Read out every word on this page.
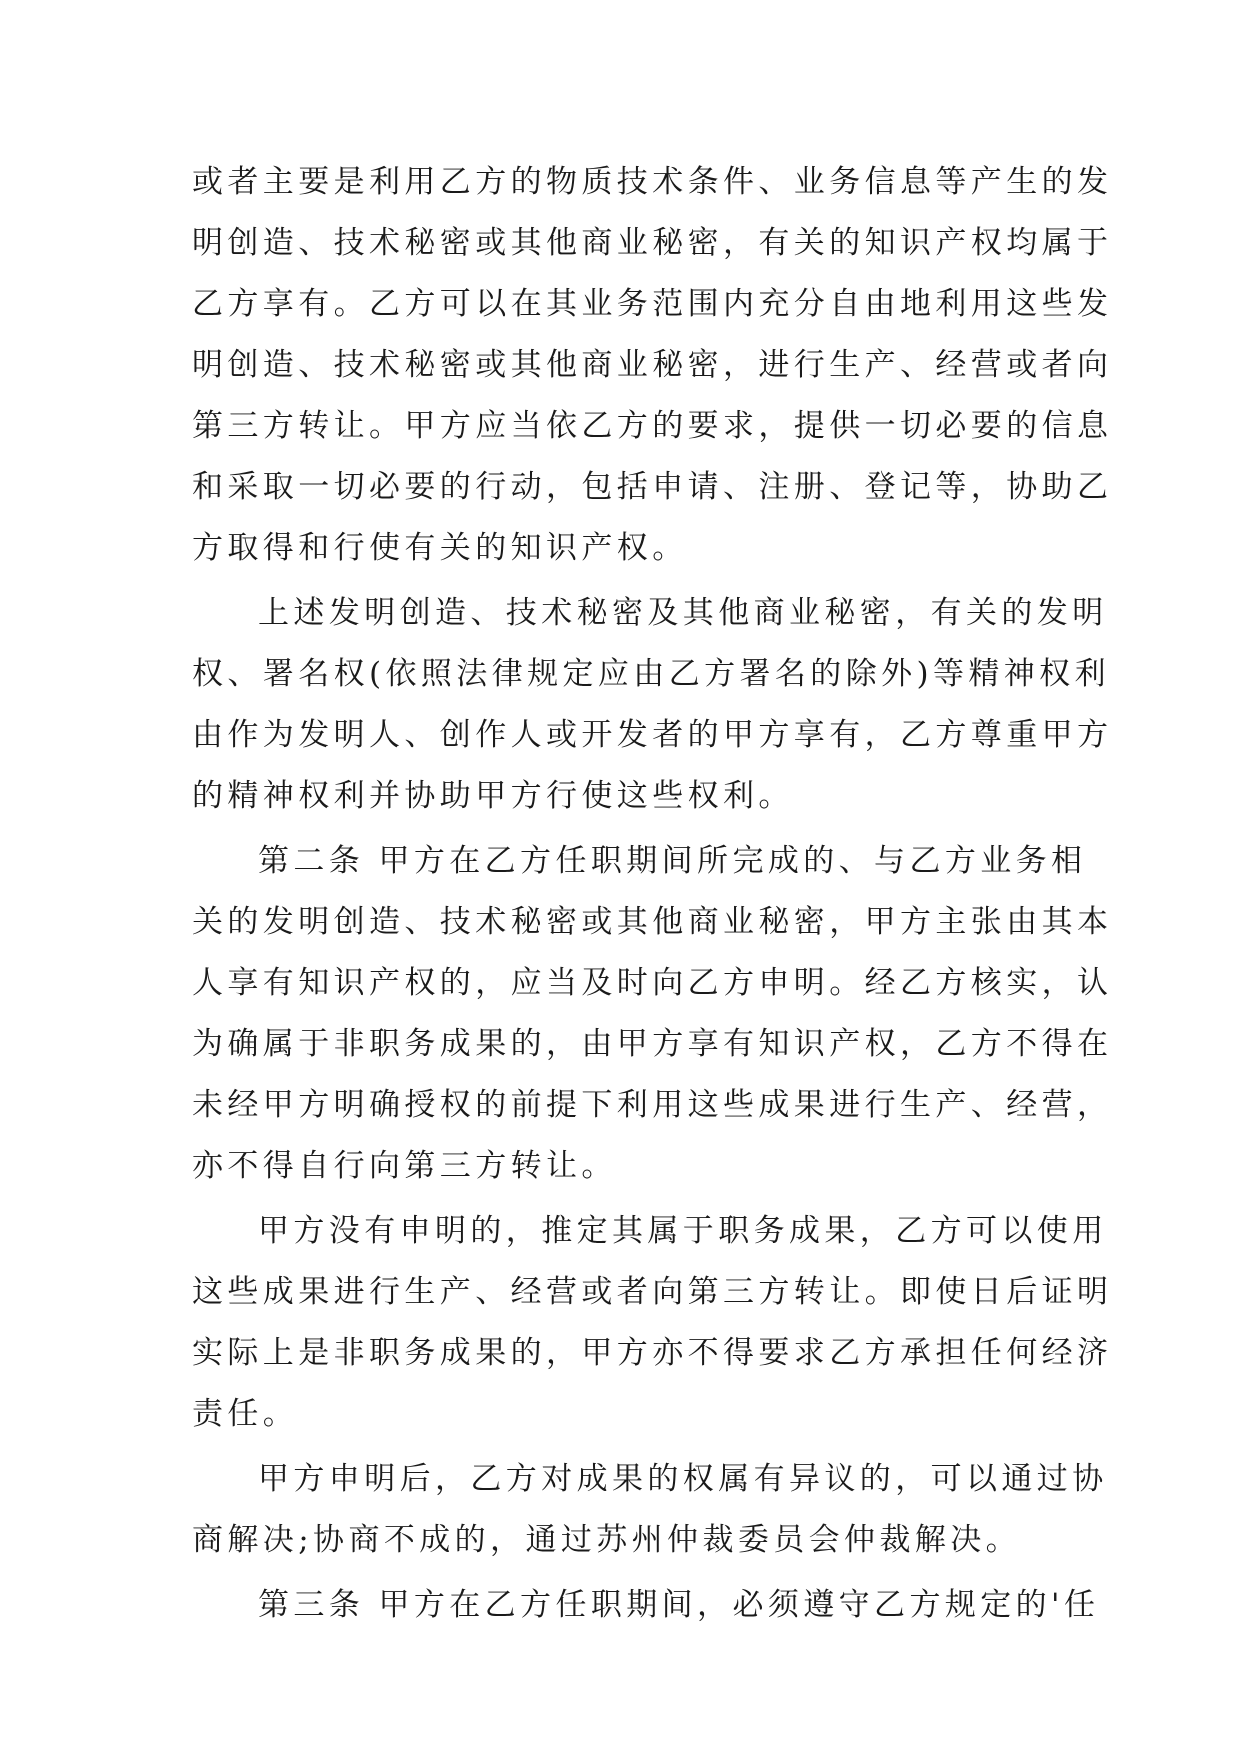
或者主要是利用乙方的物质技术条件、业务信息等产生的发
明创造、技术秘密或其他商业秘密，有关的知识产权均属于
乙方享有。乙方可以在其业务范围内充分自由地利用这些发
明创造、技术秘密或其他商业秘密，进行生产、经营或者向
第三方转让。甲方应当依乙方的要求，提供一切必要的信息
和采取一切必要的行动，包括申请、注册、登记等，协助乙
方取得和行使有关的知识产权。
上述发明创造、技术秘密及其他商业秘密，有关的发明
权、署名权(依照法律规定应由乙方署名的除外)等精神权利
由作为发明人、创作人或开发者的甲方享有，乙方尊重甲方
的精神权利并协助甲方行使这些权利。
第二条 甲方在乙方任职期间所完成的、与乙方业务相
关的发明创造、技术秘密或其他商业秘密，甲方主张由其本
人享有知识产权的，应当及时向乙方申明。经乙方核实，认
为确属于非职务成果的，由甲方享有知识产权，乙方不得在
未经甲方明确授权的前提下利用这些成果进行生产、经营，
亦不得自行向第三方转让。
甲方没有申明的，推定其属于职务成果，乙方可以使用
这些成果进行生产、经营或者向第三方转让。即使日后证明
实际上是非职务成果的，甲方亦不得要求乙方承担任何经济
责任。
甲方申明后，乙方对成果的权属有异议的，可以通过协
商解决;协商不成的，通过苏州仲裁委员会仲裁解决。
第三条 甲方在乙方任职期间，必须遵守乙方规定的'任
